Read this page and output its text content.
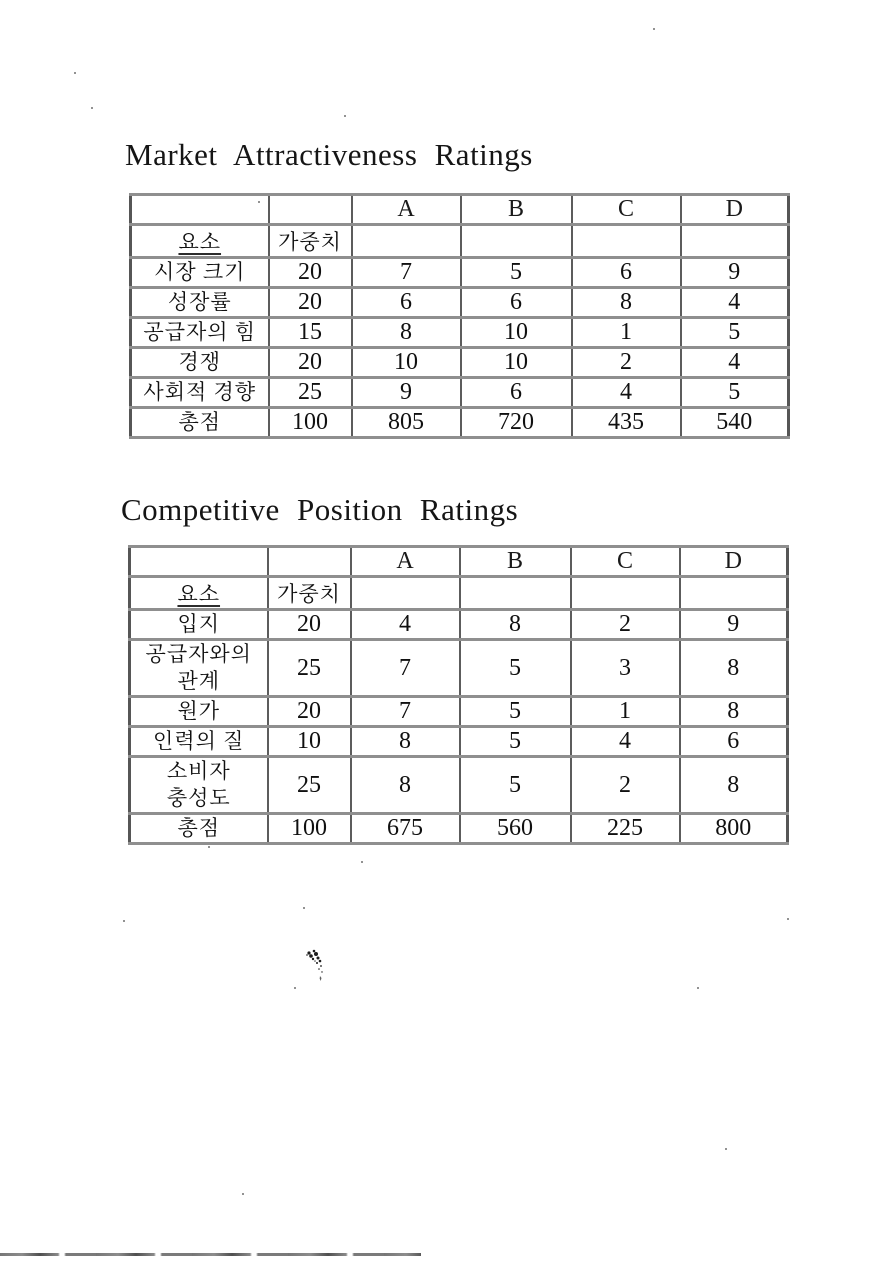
Market Attractiveness Ratings
		A	B	C	D
요소	가중치				

시장 크기	20	7	5	6	9

성장률	20	6	6	8	4

공급자의 힘	15	8	10	1	5

경쟁	20	10	10	2	4

사회적 경향	25	9	6	4	5

총점	100	805	720	435	540
Competitive Position Ratings
		A	B	C	D
요소	가중치				

입지	20	4	8	2	9

공급자와의
관계	25	7	5	3	8

원가	20	7	5	1	8

인력의 질	10	8	5	4	6

소비자
충성도	25	8	5	2	8

총점	100	675	560	225	800
